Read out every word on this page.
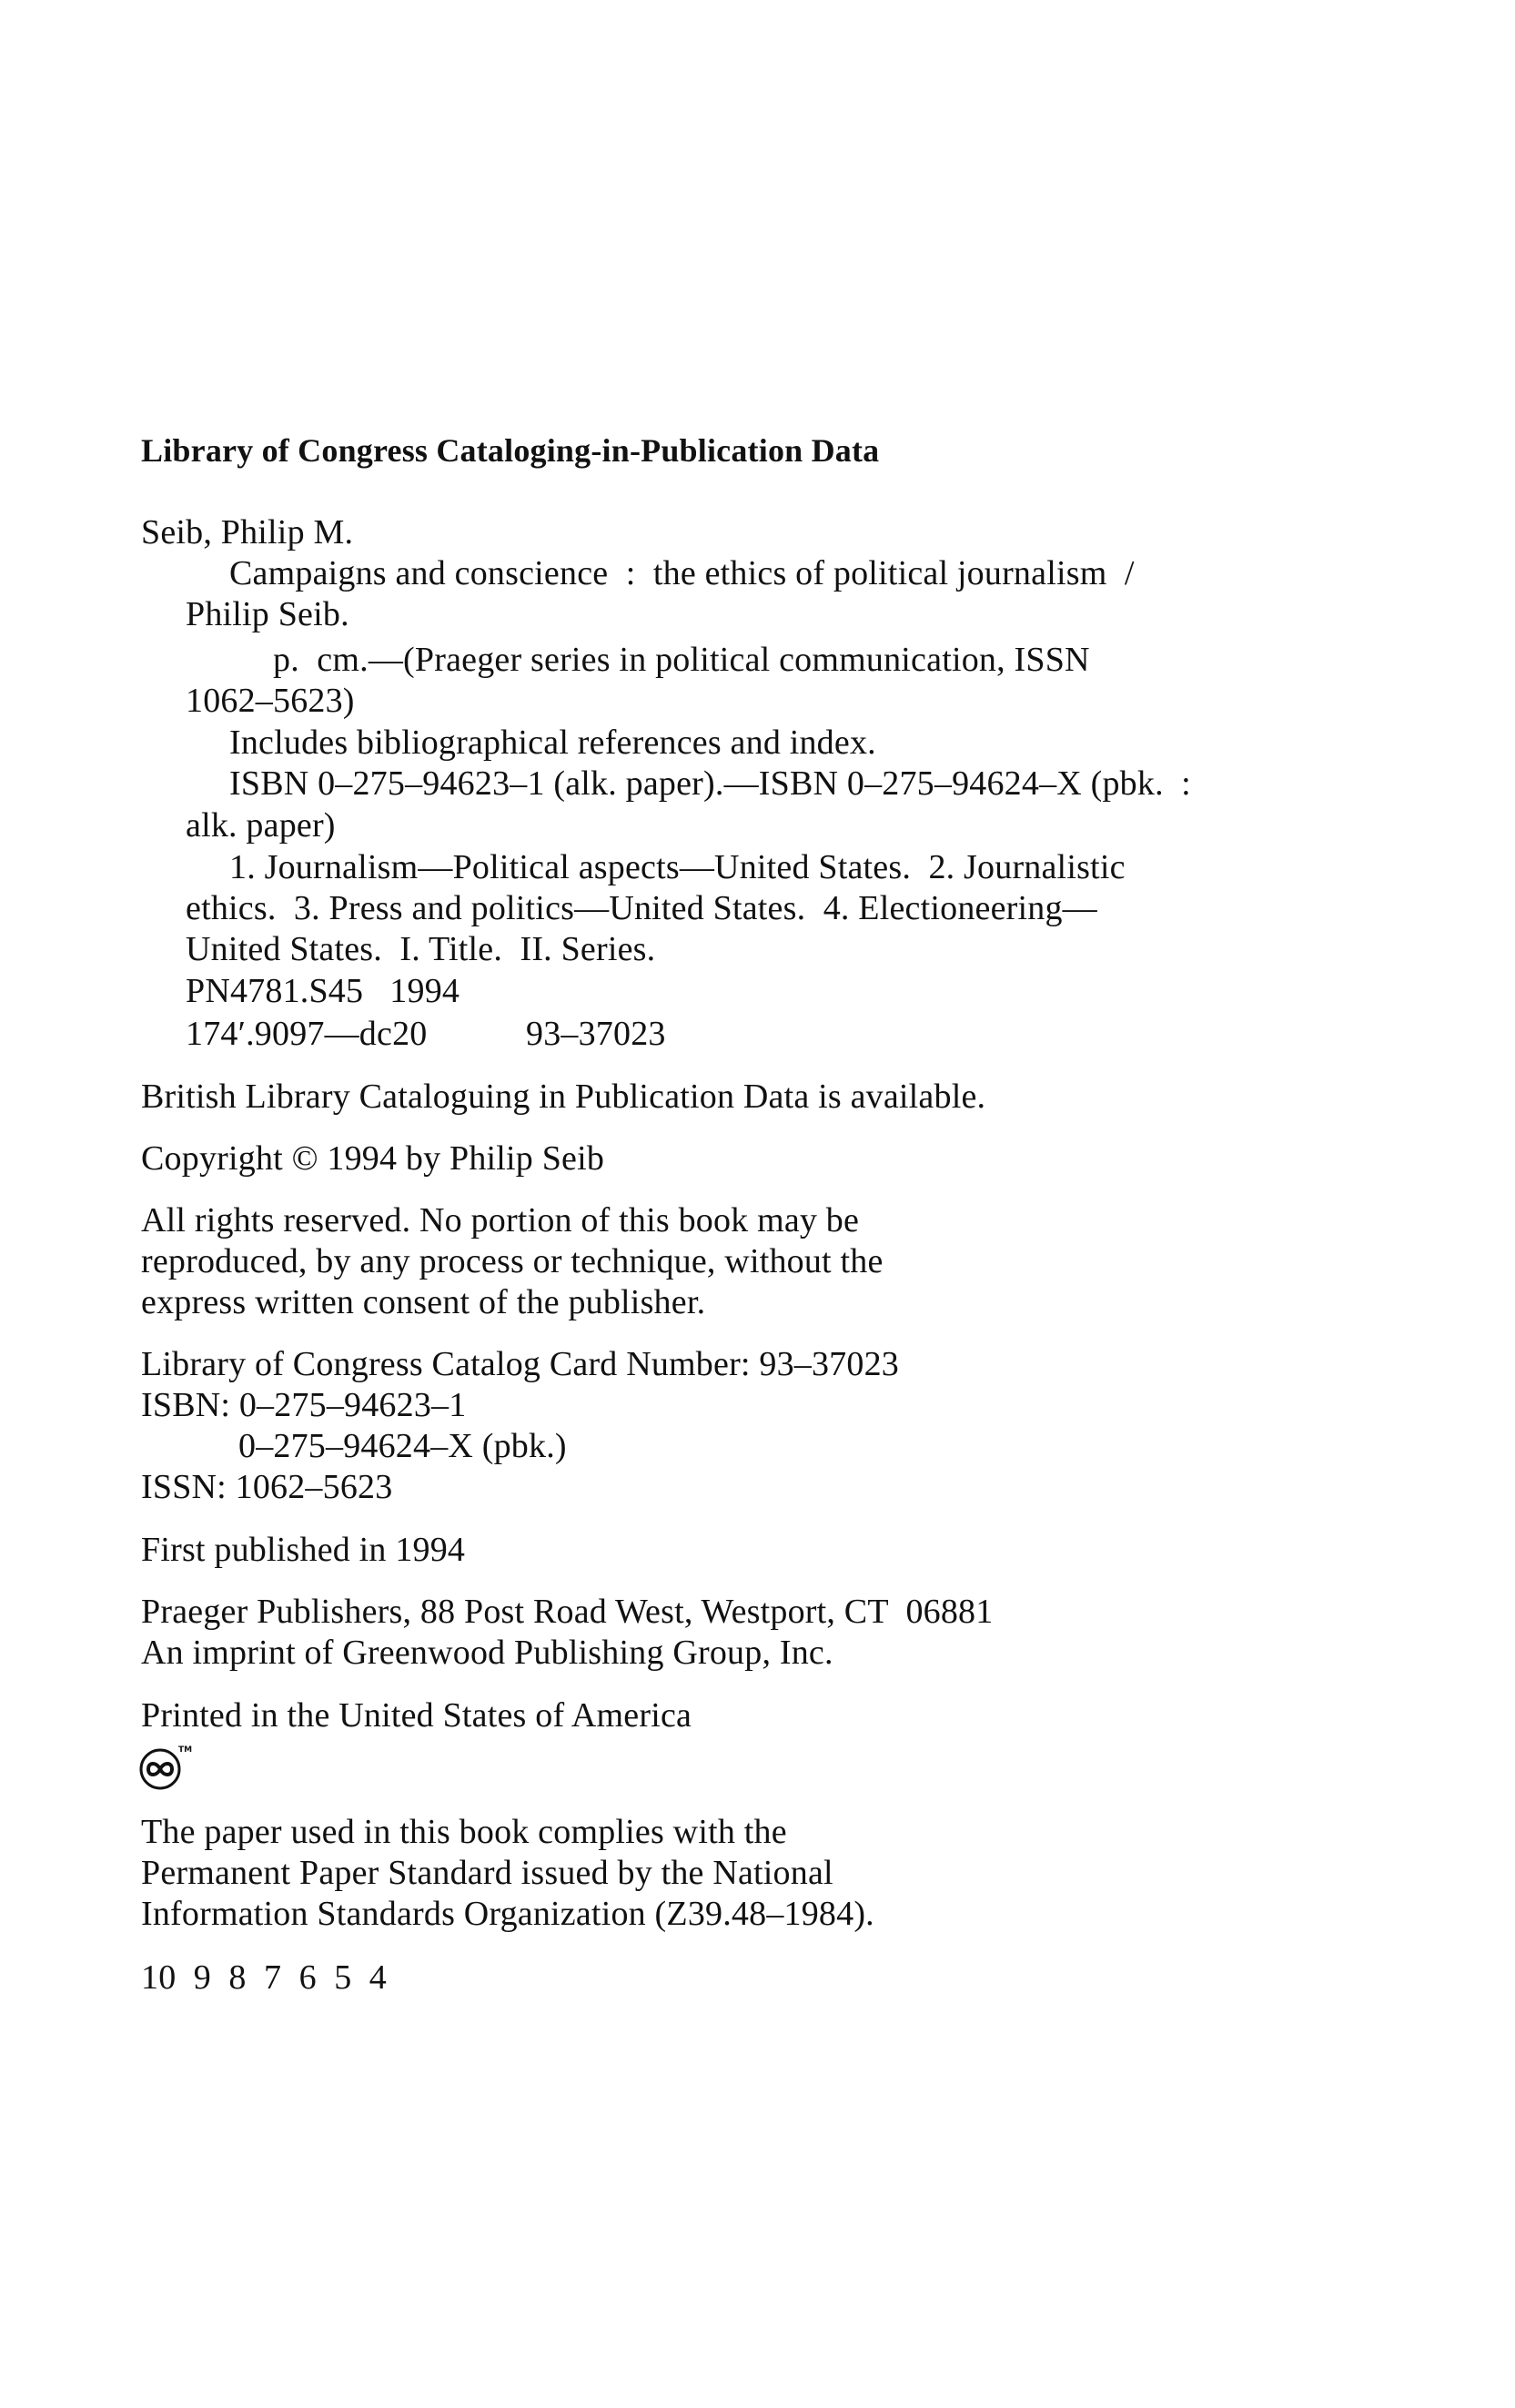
Library of Congress Cataloging-in-Publication Data
Seib, Philip M.
Campaigns and conscience  :  the ethics of political journalism  /
Philip Seib.
p.  cm.—(Praeger series in political communication, ISSN
1062–5623)
Includes bibliographical references and index.
ISBN 0–275–94623–1 (alk. paper).—ISBN 0–275–94624–X (pbk.  :
alk. paper)
1. Journalism—Political aspects—United States.  2. Journalistic
ethics.  3. Press and politics—United States.  4. Electioneering—
United States.  I. Title.  II. Series.
PN4781.S45   1994
174′.9097—dc20	93–37023
British Library Cataloguing in Publication Data is available.
Copyright © 1994 by Philip Seib
All rights reserved. No portion of this book may be
reproduced, by any process or technique, without the
express written consent of the publisher.
Library of Congress Catalog Card Number: 93–37023
ISBN: 0–275–94623–1
0–275–94624–X (pbk.)
ISSN: 1062–5623
First published in 1994
Praeger Publishers, 88 Post Road West, Westport, CT  06881
An imprint of Greenwood Publishing Group, Inc.
Printed in the United States of America
TM
The paper used in this book complies with the
Permanent Paper Standard issued by the National
Information Standards Organization (Z39.48–1984).
10  9  8  7  6  5  4
